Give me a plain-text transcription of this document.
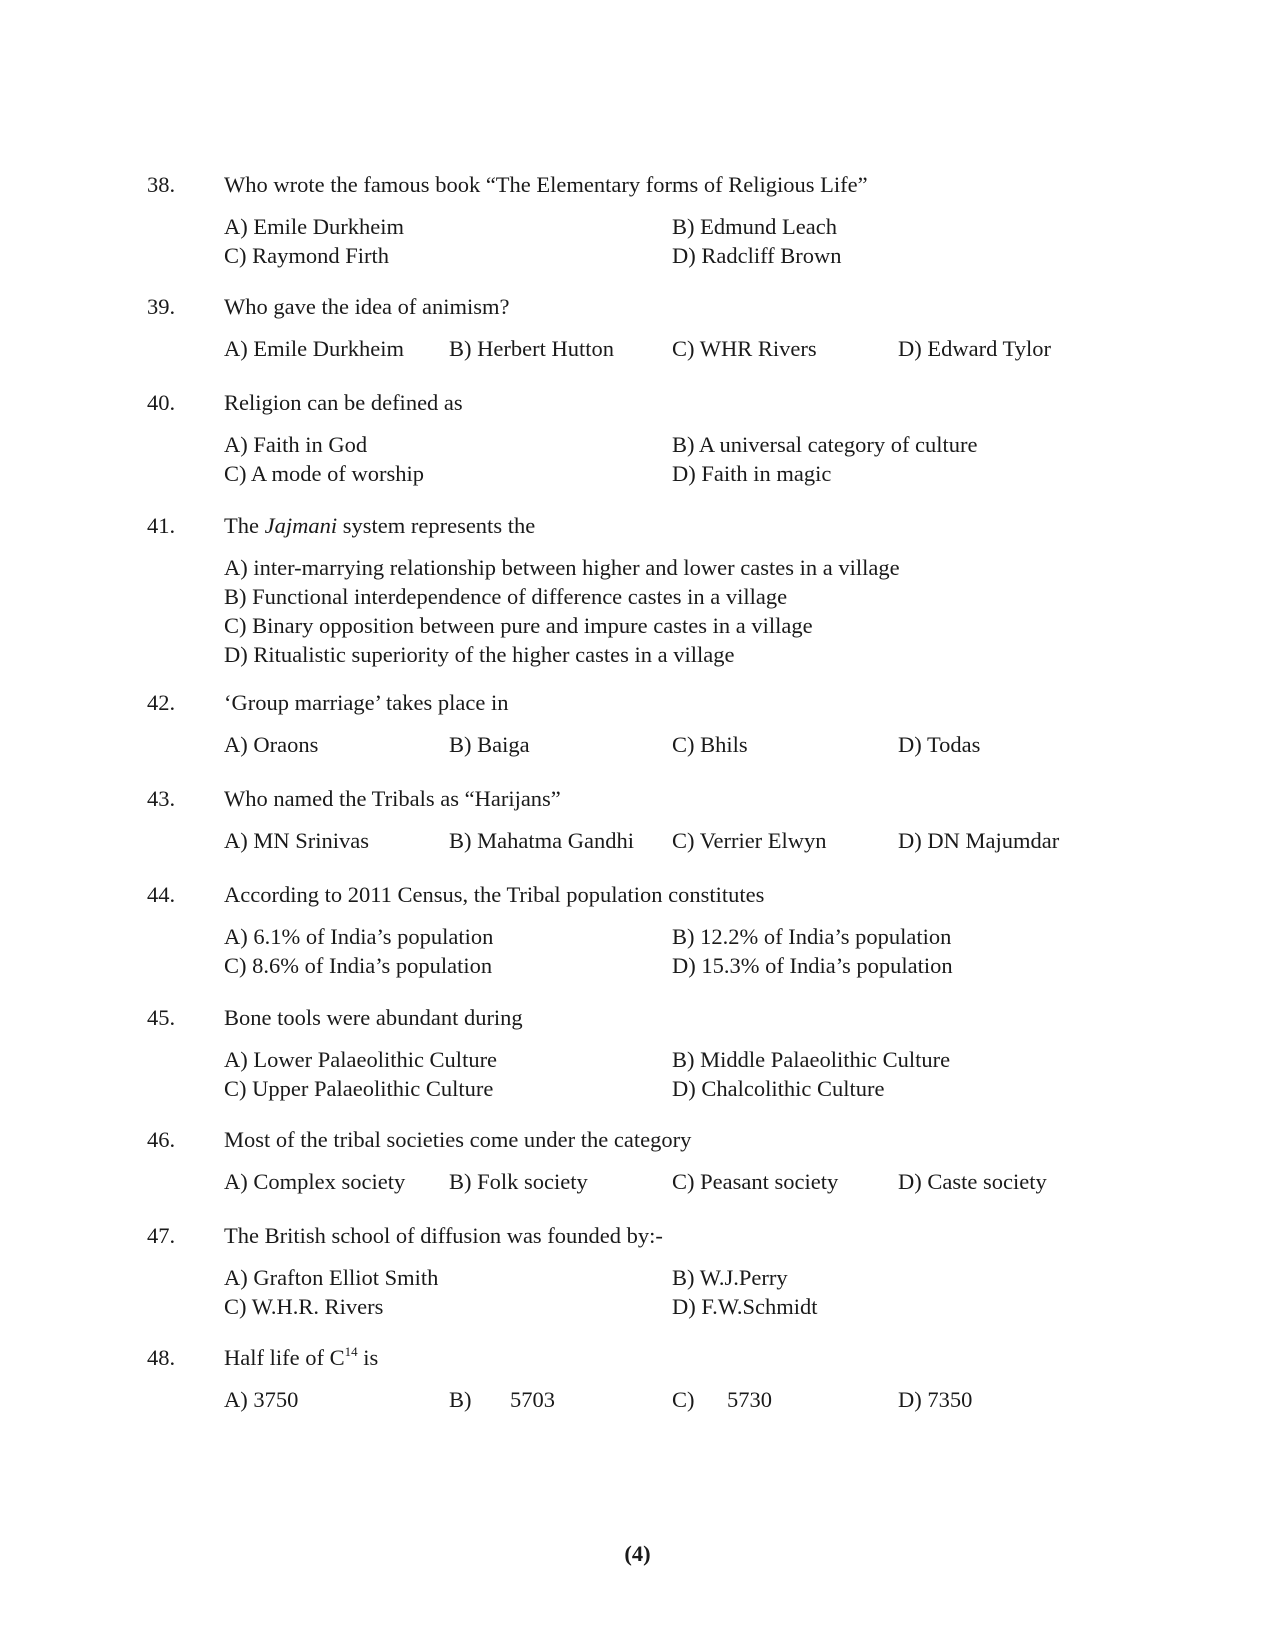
38. Who wrote the famous book “The Elementary forms of Religious Life”
A) Emile Durkheim	B) Edmund Leach
C) Raymond Firth	D) Radcliff Brown
39. Who gave the idea of animism?
A) Emile Durkheim B) Herbert Hutton	C) WHR Rivers	D) Edward Tylor
40. Religion can be defined as
A) Faith in God	B) A universal category of culture
C) A mode of worship	D) Faith in magic
41. The Jajmani system represents the
A) inter-marrying relationship between higher and lower castes in a village
B) Functional interdependence of difference castes in a village
C) Binary opposition between pure and impure castes in a village
D) Ritualistic superiority of the higher castes in a village
42. ‘Group marriage’ takes place in
A) Oraons	B) Baiga	C) Bhils	D) Todas
43. Who named the Tribals as “Harijans”
A) MN Srinivas	B) Mahatma Gandhi C) Verrier Elwyn	D) DN Majumdar
44. According to 2011 Census, the Tribal population constitutes
A) 6.1% of India’s population	B) 12.2% of India’s population
C) 8.6% of India’s population	D) 15.3% of India’s population
45. Bone tools were abundant during
A) Lower Palaeolithic Culture	B) Middle Palaeolithic Culture
C) Upper Palaeolithic Culture	D) Chalcolithic Culture
46. Most of the tribal societies come under the category
A) Complex society B) Folk society	C) Peasant society	D) Caste society
47. The British school of diffusion was founded by:-
A) Grafton Elliot Smith	B) W.J.Perry
C) W.H.R. Rivers	D) F.W.Schmidt
48. Half life of $C^{14}$ is
A) 3750	B) 5703	C) 5730	D) 7350
(4)
